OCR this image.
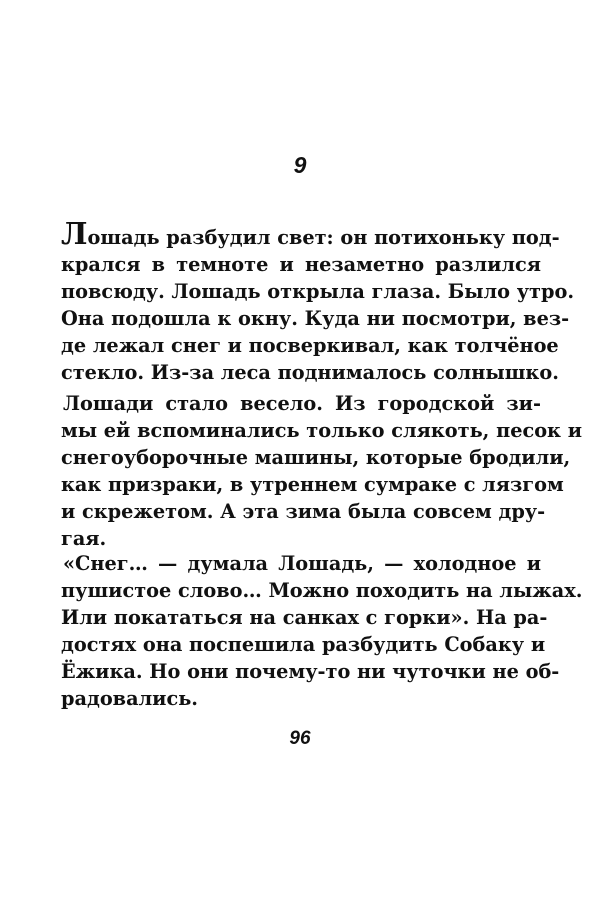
9
Лошадь разбудил свет: он потихоньку под-
кралcя в темноте и незаметно разлился
повсюду. Лошадь открыла глаза. Было утро.
Она подошла к окну. Куда ни посмотри, вез-
де лежал снег и посверкивал, как толчёное
стекло. Из-за леса поднималось солнышко.
Лошади стало весело. Из городской зи-
мы ей вспоминались только слякоть, песок и
снегоуборочные машины, которые бродили,
как призраки, в утреннем сумраке с лязгом
и скрежетом. А эта зима была совсем дру-
гая.
«Снег… — думала Лошадь, — холодное и
пушистое слово… Можно походить на лыжах.
Или покататься на санках с горки». На ра-
достях она поспешила разбудить Собаку и
Ёжика. Но они почему-то ни чуточки не об-
радовались.
96
